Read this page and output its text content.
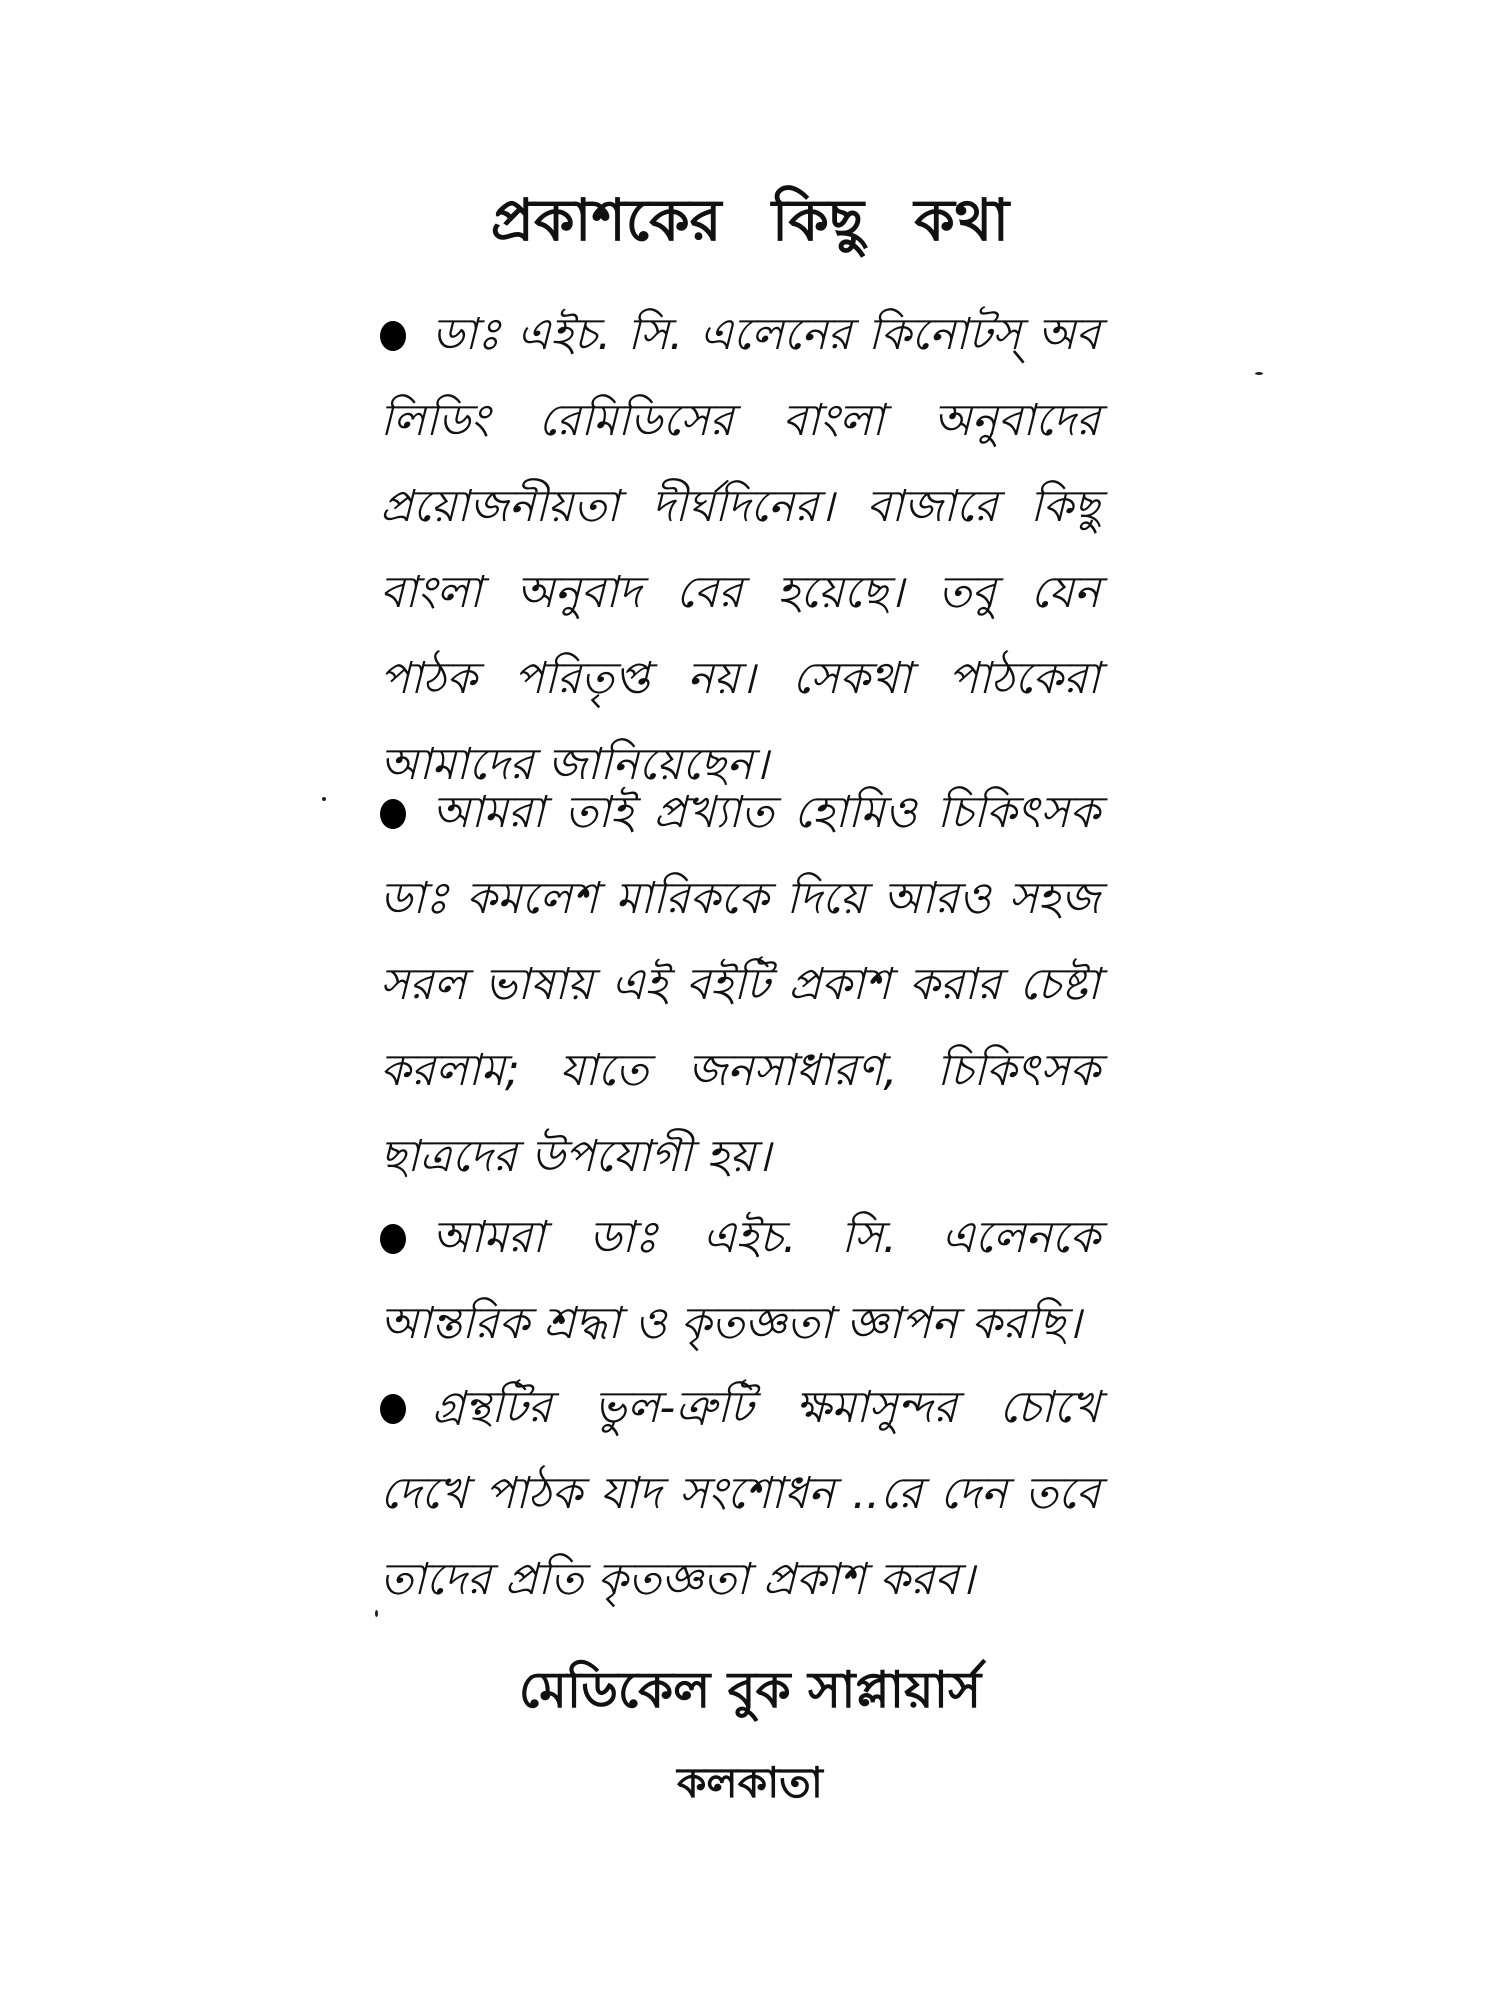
প্রকাশকের কিছু কথা

ডাঃ এইচ. সি. এলেনের কিনোটস্ অব লিডিং রেমিডিসের বাংলা অনুবাদের প্রয়োজনীয়তা দীর্ঘদিনের। বাজারে কিছু বাংলা অনুবাদ বের হয়েছে। তবু যেন পাঠক পরিতৃপ্ত নয়। সেকথা পাঠকেরা আমাদের জানিয়েছেন।

আমরা তাই প্রখ্যাত হোমিও চিকিৎসক ডাঃ কমলেশ মারিককে দিয়ে আরও সহজ সরল ভাষায় এই বইটি প্রকাশ করার চেষ্টা করলাম; যাতে জনসাধারণ, চিকিৎসক ছাত্রদের উপযোগী হয়।

আমরা ডাঃ এইচ. সি. এলেনকে আন্তরিক শ্রদ্ধা ও কৃতজ্ঞতা জ্ঞাপন করছি।

গ্রন্থটির ভুল-ত্রুটি ক্ষমাসুন্দর চোখে দেখে পাঠক যাদ সংশোধন ..রে দেন তবে তাদের প্রতি কৃতজ্ঞতা প্রকাশ করব।

মেডিকেল বুক সাপ্লায়ার্স
কলকাতা
